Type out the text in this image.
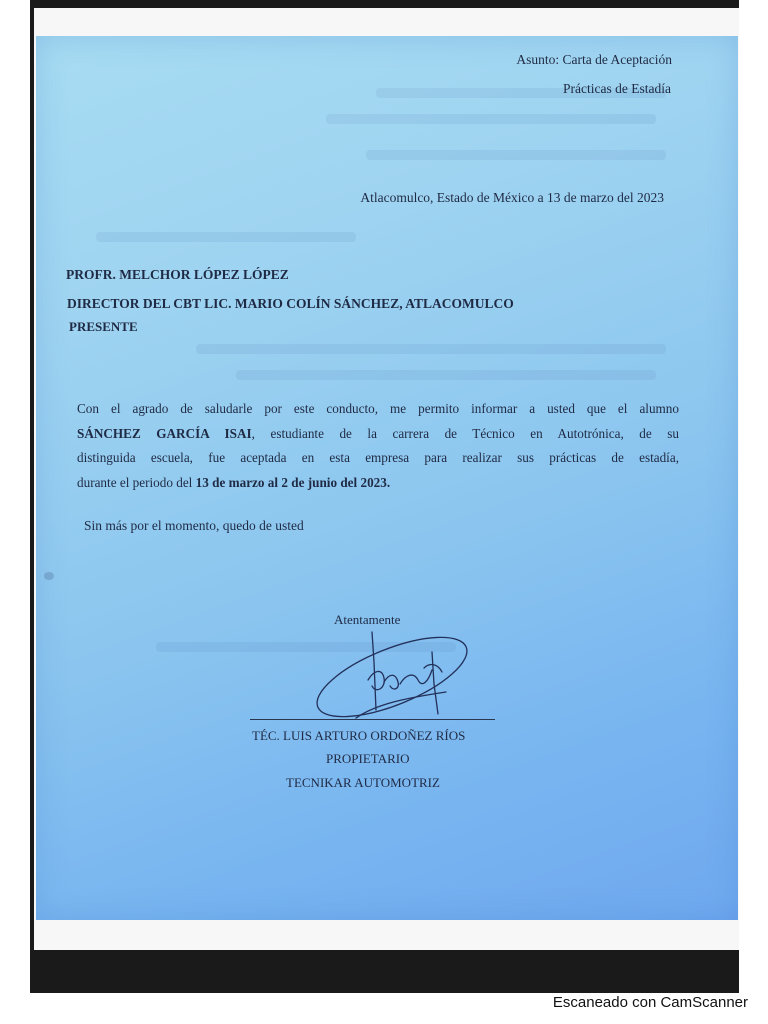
Asunto: Carta de Aceptación
Prácticas de Estadía
Atlacomulco, Estado de México a 13 de marzo del 2023
PROFR. MELCHOR LÓPEZ LÓPEZ
DIRECTOR DEL CBT LIC. MARIO COLÍN SÁNCHEZ, ATLACOMULCO
PRESENTE
Con el agrado de saludarle por este conducto, me permito informar a usted que el alumno
SÁNCHEZ GARCÍA ISAI, estudiante de la carrera de Técnico en Autotrónica, de su
distinguida escuela, fue aceptada en esta empresa para realizar sus prácticas de estadía,
durante el periodo del 13 de marzo al 2 de junio del 2023.
Sin más por el momento, quedo de usted
Atentamente
TÉC. LUIS ARTURO ORDOÑEZ RÍOS
PROPIETARIO
TECNIKAR AUTOMOTRIZ
Escaneado con CamScanner
